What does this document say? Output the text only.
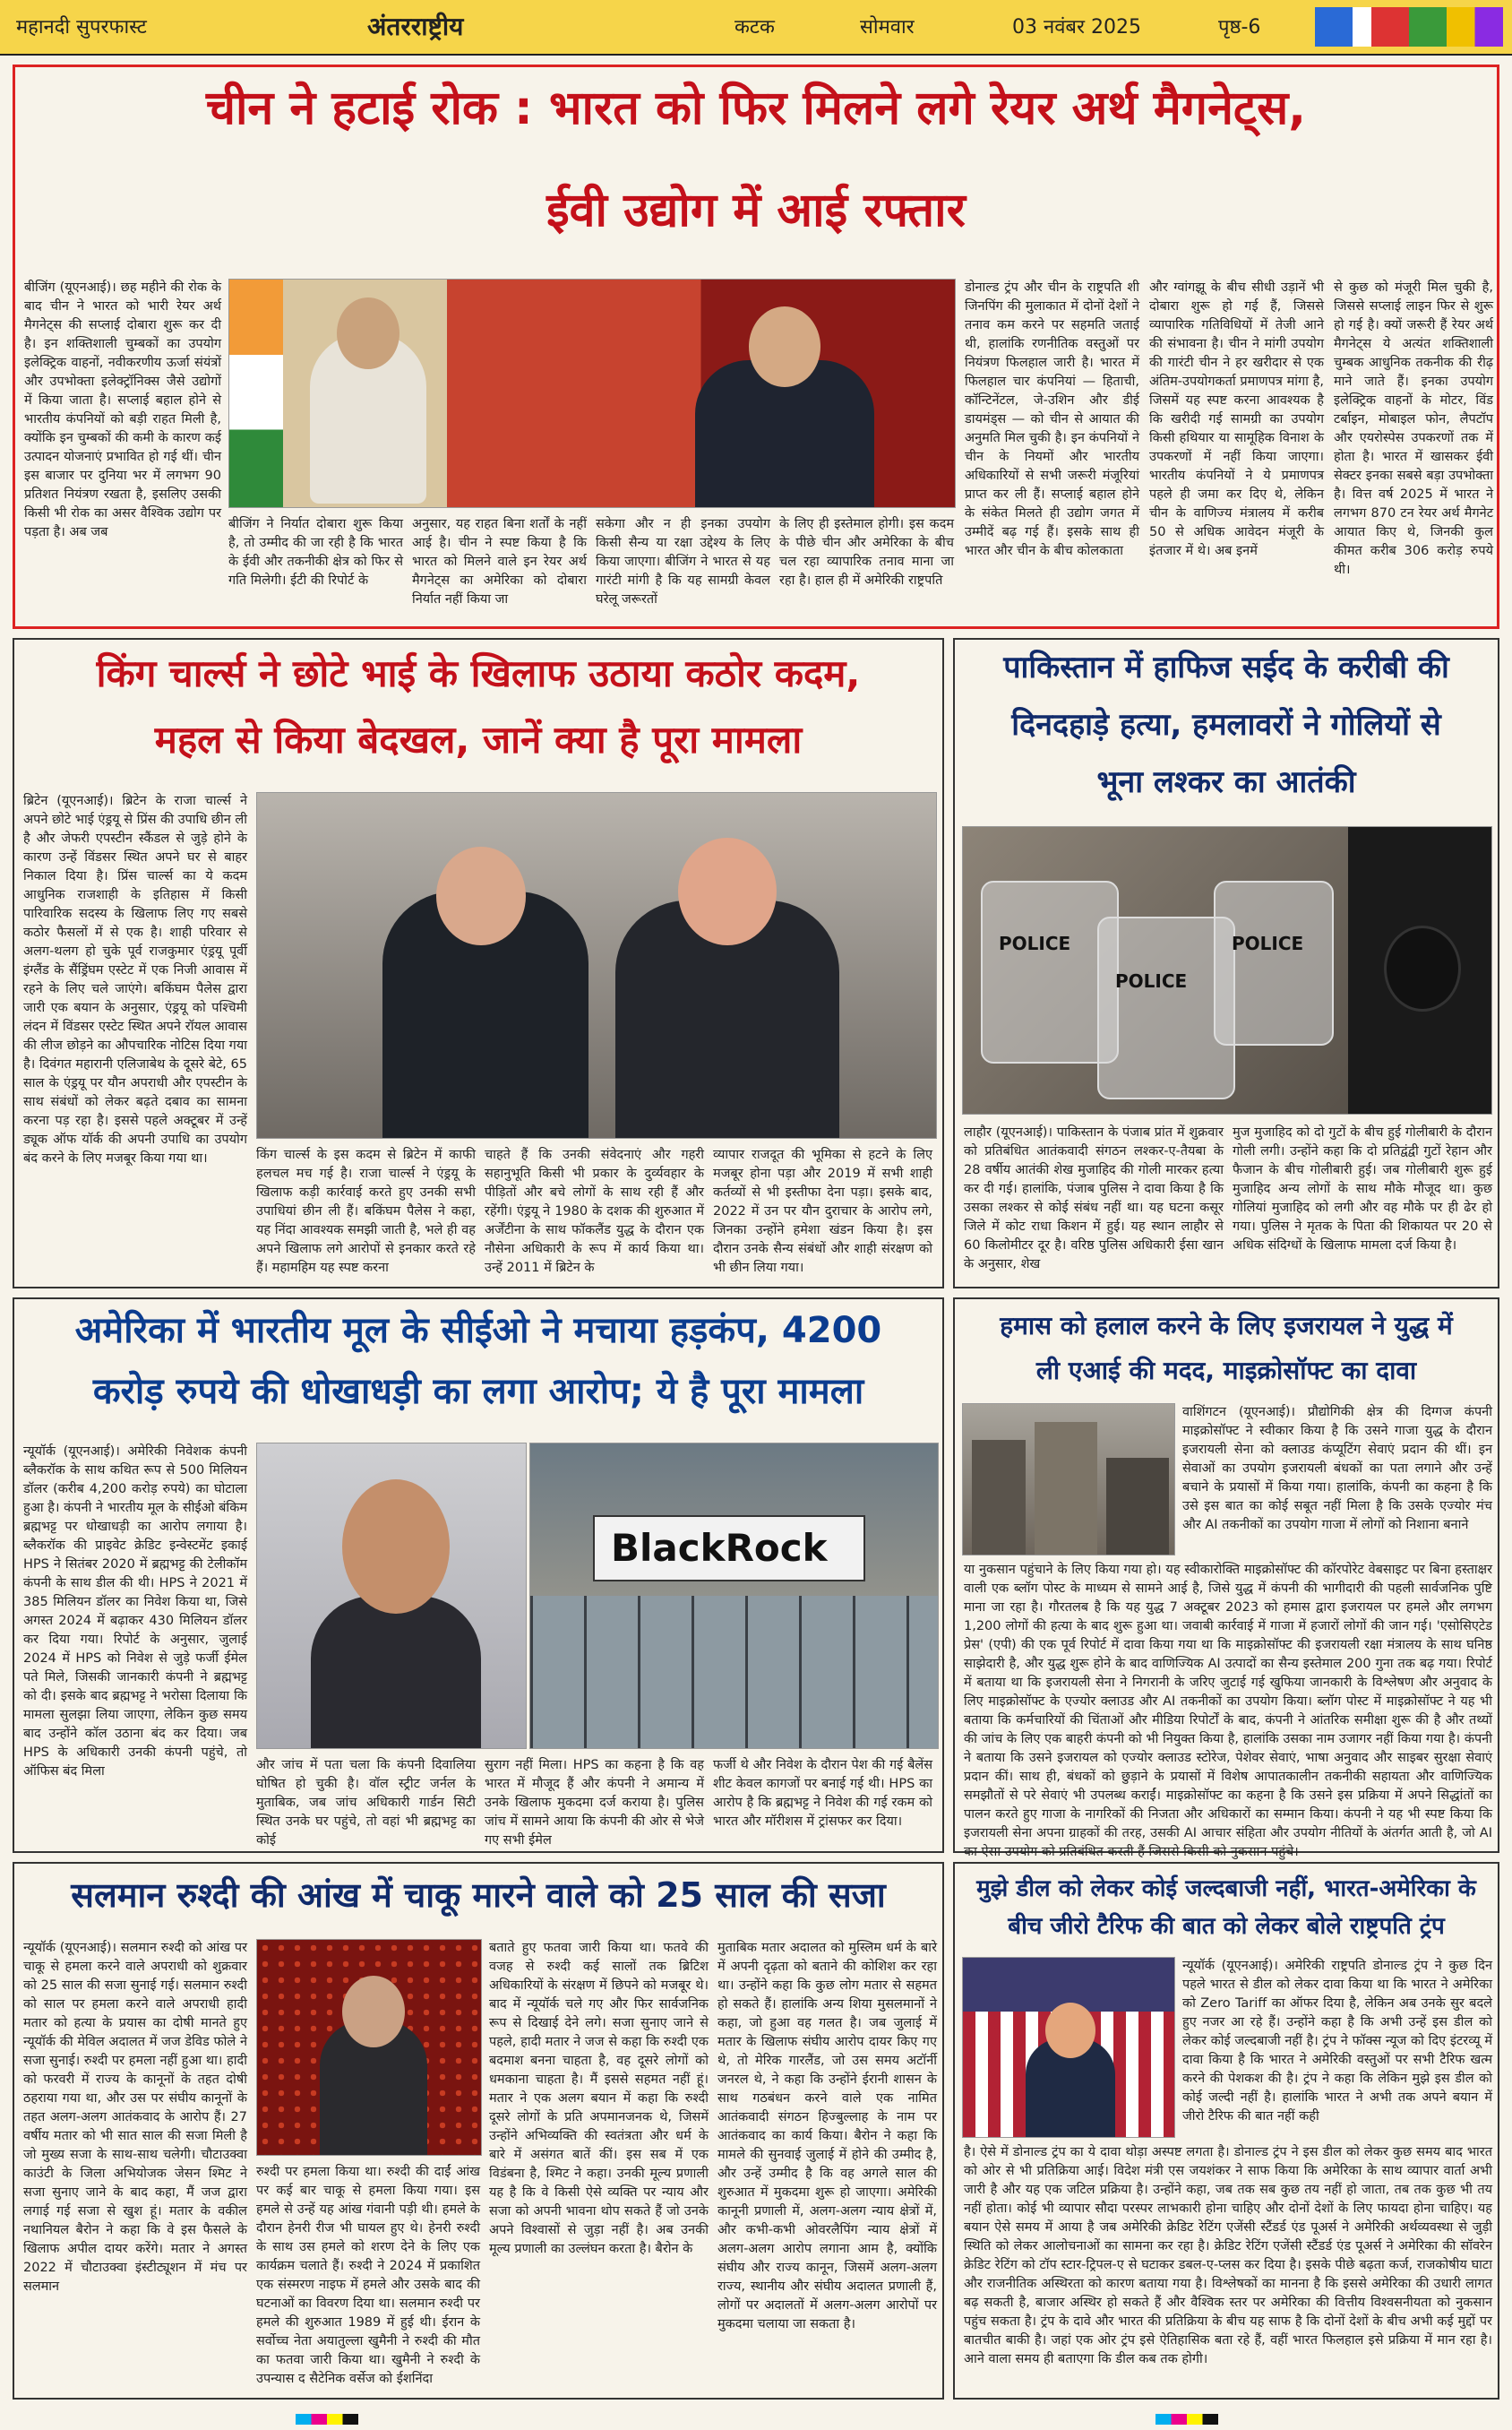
महानदी सुपरफास्ट	अंतरराष्ट्रीय	कटक	सोमवार	03 नवंबर 2025	पृष्ठ-6
चीन ने हटाई रोक : भारत को फिर मिलने लगे रेयर अर्थ मैगनेट्स,
ईवी उद्योग में आई रफ्तार
बीजिंग (यूएनआई)। छह महीने की रोक के बाद चीन ने भारत को भारी रेयर अर्थ मैगनेट्स की सप्लाई दोबारा शुरू कर दी है। इन शक्तिशाली चुम्बकों का उपयोग इलेक्ट्रिक वाहनों, नवीकरणीय ऊर्जा संयंत्रों और उपभोक्ता इलेक्ट्रॉनिक्स जैसे उद्योगों में किया जाता है। सप्लाई बहाल होने से भारतीय कंपनियों को बड़ी राहत मिली है, क्योंकि इन चुम्बकों की कमी के कारण कई उत्पादन योजनाएं प्रभावित हो गई थीं। चीन इस बाजार पर दुनिया भर में लगभग 90 प्रतिशत नियंत्रण रखता है, इसलिए उसकी किसी भी रोक का असर वैश्विक उद्योग पर पड़ता है। अब जब
बीजिंग ने निर्यात दोबारा शुरू किया है, तो उम्मीद की जा रही है कि भारत के ईवी और तकनीकी क्षेत्र को फिर से गति मिलेगी। ईटी की रिपोर्ट के
अनुसार, यह राहत बिना शर्तों के नहीं आई है। चीन ने स्पष्ट किया है कि भारत को मिलने वाले इन रेयर अर्थ मैगनेट्स का अमेरिका को दोबारा निर्यात नहीं किया जा
सकेगा और न ही इनका उपयोग किसी सैन्य या रक्षा उद्देश्य के लिए किया जाएगा। बीजिंग ने भारत से यह गारंटी मांगी है कि यह सामग्री केवल घरेलू जरूरतों
के लिए ही इस्तेमाल होगी। इस कदम के पीछे चीन और अमेरिका के बीच चल रहा व्यापारिक तनाव माना जा रहा है। हाल ही में अमेरिकी राष्ट्रपति
डोनाल्ड ट्रंप और चीन के राष्ट्रपति शी जिनपिंग की मुलाकात में दोनों देशों ने तनाव कम करने पर सहमति जताई थी, हालांकि रणनीतिक वस्तुओं पर नियंत्रण फिलहाल जारी है। भारत में फिलहाल चार कंपनियां — हिताची, कॉन्टिनेंटल, जे-उशिन और डीई डायमंड्स — को चीन से आयात की अनुमति मिल चुकी है। इन कंपनियों ने चीन के नियमों और भारतीय अधिकारियों से सभी जरूरी मंजूरियां प्राप्त कर ली हैं। सप्लाई बहाल होने के संकेत मिलते ही उद्योग जगत में उम्मीदें बढ़ गई हैं। इसके साथ ही भारत और चीन के बीच कोलकाता
और ग्वांगझू के बीच सीधी उड़ानें भी दोबारा शुरू हो गई हैं, जिससे व्यापारिक गतिविधियों में तेजी आने की संभावना है। चीन ने मांगी उपयोग की गारंटी चीन ने हर खरीदार से एक अंतिम-उपयोगकर्ता प्रमाणपत्र मांगा है, जिसमें यह स्पष्ट करना आवश्यक है कि खरीदी गई सामग्री का उपयोग किसी हथियार या सामूहिक विनाश के उपकरणों में नहीं किया जाएगा। भारतीय कंपनियों ने ये प्रमाणपत्र पहले ही जमा कर दिए थे, लेकिन चीन के वाणिज्य मंत्रालय में करीब 50 से अधिक आवेदन मंजूरी के इंतजार में थे। अब इनमें
से कुछ को मंजूरी मिल चुकी है, जिससे सप्लाई लाइन फिर से शुरू हो गई है। क्यों जरूरी हैं रेयर अर्थ मैगनेट्स ये अत्यंत शक्तिशाली चुम्बक आधुनिक तकनीक की रीढ़ माने जाते हैं। इनका उपयोग इलेक्ट्रिक वाहनों के मोटर, विंड टर्बाइन, मोबाइल फोन, लैपटॉप और एयरोस्पेस उपकरणों तक में होता है। भारत में खासकर ईवी सेक्टर इनका सबसे बड़ा उपभोक्ता है। वित्त वर्ष 2025 में भारत ने लगभग 870 टन रेयर अर्थ मैगनेट आयात किए थे, जिनकी कुल कीमत करीब 306 करोड़ रुपये थी।
किंग चार्ल्स ने छोटे भाई के खिलाफ उठाया कठोर कदम,
महल से किया बेदखल, जानें क्या है पूरा मामला
ब्रिटेन (यूएनआई)। ब्रिटेन के राजा चार्ल्स ने अपने छोटे भाई एंड्रयू से प्रिंस की उपाधि छीन ली है और जेफरी एपस्टीन स्कैंडल से जुड़े होने के कारण उन्हें विंडसर स्थित अपने घर से बाहर निकाल दिया है। प्रिंस चार्ल्स का ये कदम आधुनिक राजशाही के इतिहास में किसी पारिवारिक सदस्य के खिलाफ लिए गए सबसे कठोर फैसलों में से एक है। शाही परिवार से अलग-थलग हो चुके पूर्व राजकुमार एंड्रयू पूर्वी इंग्लैंड के सैंड्रिंघम एस्टेट में एक निजी आवास में रहने के लिए चले जाएंगे। बकिंघम पैलेस द्वारा जारी एक बयान के अनुसार, एंड्रयू को पश्चिमी लंदन में विंडसर एस्टेट स्थित अपने रॉयल आवास की लीज छोड़ने का औपचारिक नोटिस दिया गया है। दिवंगत महारानी एलिजाबेथ के दूसरे बेटे, 65 साल के एंड्रयू पर यौन अपराधी और एपस्टीन के साथ संबंधों को लेकर बढ़ते दबाव का सामना करना पड़ रहा है। इससे पहले अक्टूबर में उन्हें ड्यूक ऑफ यॉर्क की अपनी उपाधि का उपयोग बंद करने के लिए मजबूर किया गया था।	किंग चार्ल्स के इस कदम से ब्रिटेन में काफी हलचल मच गई है। राजा चार्ल्स ने एंड्रयू के खिलाफ कड़ी कार्रवाई करते हुए उनकी सभी उपाधियां छीन ली हैं। बकिंघम पैलेस ने कहा, यह निंदा आवश्यक समझी जाती है, भले ही वह अपने खिलाफ लगे आरोपों से इनकार करते रहे हैं। महामहिम यह स्पष्ट करना
चाहते हैं कि उनकी संवेदनाएं और गहरी सहानुभूति किसी भी प्रकार के दुर्व्यवहार के पीड़ितों और बचे लोगों के साथ रही हैं और रहेंगी। एंड्रयू ने 1980 के दशक की शुरुआत में अर्जेंटीना के साथ फॉकलैंड युद्ध के दौरान एक नौसेना अधिकारी के रूप में कार्य किया था। उन्हें 2011 में ब्रिटेन के
व्यापार राजदूत की भूमिका से हटने के लिए मजबूर होना पड़ा और 2019 में सभी शाही कर्तव्यों से भी इस्तीफा देना पड़ा। इसके बाद, 2022 में उन पर यौन दुराचार के आरोप लगे, जिनका उन्होंने हमेशा खंडन किया है। इस दौरान उनके सैन्य संबंधों और शाही संरक्षण को भी छीन लिया गया।
पाकिस्तान में हाफिज सईद के करीबी की
दिनदहाड़े हत्या, हमलावरों ने गोलियों से
भूना लश्कर का आतंकी
POLICE
POLICE
POLICE
लाहौर (यूएनआई)। पाकिस्तान के पंजाब प्रांत में शुक्रवार को प्रतिबंधित आतंकवादी संगठन लश्कर-ए-तैयबा के 28 वर्षीय आतंकी शेख मुजाहिद की गोली मारकर हत्या कर दी गई। हालांकि, पंजाब पुलिस ने दावा किया है कि उसका लश्कर से कोई संबंध नहीं था। यह घटना कसूर जिले में कोट राधा किशन में हुई। यह स्थान लाहौर से 60 किलोमीटर दूर है। वरिष्ठ पुलिस अधिकारी ईसा खान के अनुसार, शेख
मुज मुजाहिद को दो गुटों के बीच हुई गोलीबारी के दौरान गोली लगी। उन्होंने कहा कि दो प्रतिद्वंद्वी गुटों रेहान और फैजान के बीच गोलीबारी हुई। जब गोलीबारी शुरू हुई मुजाहिद अन्य लोगों के साथ मौके मौजूद था। कुछ गोलियां मुजाहिद को लगी और वह मौके पर ही ढेर हो गया। पुलिस ने मृतक के पिता की शिकायत पर 20 से अधिक संदिग्धों के खिलाफ मामला दर्ज किया है।
अमेरिका में भारतीय मूल के सीईओ ने मचाया हड़कंप, 4200
करोड़ रुपये की धोखाधड़ी का लगा आरोप; ये है पूरा मामला
न्यूयॉर्क (यूएनआई)। अमेरिकी निवेशक कंपनी ब्लैकरॉक के साथ कथित रूप से 500 मिलियन डॉलर (करीब 4,200 करोड़ रुपये) का घोटाला हुआ है। कंपनी ने भारतीय मूल के सीईओ बंकिम ब्रह्मभट्ट पर धोखाधड़ी का आरोप लगाया है। ब्लैकरॉक की प्राइवेट क्रेडिट इन्वेस्टमेंट इकाई HPS ने सितंबर 2020 में ब्रह्मभट्ट की टेलीकॉम कंपनी के साथ डील की थी। HPS ने 2021 में 385 मिलियन डॉलर का निवेश किया था, जिसे अगस्त 2024 में बढ़ाकर 430 मिलियन डॉलर कर दिया गया। रिपोर्ट के अनुसार, जुलाई 2024 में HPS को निवेश से जुड़े फर्जी ईमेल पते मिले, जिसकी जानकारी कंपनी ने ब्रह्मभट्ट को दी। इसके बाद ब्रह्मभट्ट ने भरोसा दिलाया कि मामला सुलझा लिया जाएगा, लेकिन कुछ समय बाद उन्होंने कॉल उठाना बंद कर दिया। जब HPS के अधिकारी उनकी कंपनी पहुंचे, तो ऑफिस बंद मिला
BlackRock
और जांच में पता चला कि कंपनी दिवालिया घोषित हो चुकी है। वॉल स्ट्रीट जर्नल के मुताबिक, जब जांच अधिकारी गार्डन सिटी स्थित उनके घर पहुंचे, तो वहां भी ब्रह्मभट्ट का कोई
सुराग नहीं मिला। HPS का कहना है कि वह भारत में मौजूद हैं और कंपनी ने अमान्य में उनके खिलाफ मुकदमा दर्ज कराया है। पुलिस जांच में सामने आया कि कंपनी की ओर से भेजे गए सभी ईमेल
फर्जी थे और निवेश के दौरान पेश की गई बैलेंस शीट केवल कागजों पर बनाई गई थी। HPS का आरोप है कि ब्रह्मभट्ट ने निवेश की गई रकम को भारत और मॉरीशस में ट्रांसफर कर दिया।
हमास को हलाल करने के लिए इजरायल ने युद्ध में
ली एआई की मदद, माइक्रोसॉफ्ट का दावा
वाशिंगटन (यूएनआई)। प्रौद्योगिकी क्षेत्र की दिग्गज कंपनी माइक्रोसॉफ्ट ने स्वीकार किया है कि उसने गाजा युद्ध के दौरान इजरायली सेना को क्लाउड कंप्यूटिंग सेवाएं प्रदान की थीं। इन सेवाओं का उपयोग इजरायली बंधकों का पता लगाने और उन्हें बचाने के प्रयासों में किया गया। हालांकि, कंपनी का कहना है कि उसे इस बात का कोई सबूत नहीं मिला है कि उसके एज्योर मंच और AI तकनीकों का उपयोग गाजा में लोगों को निशाना बनाने
या नुकसान पहुंचाने के लिए किया गया हो। यह स्वीकारोक्ति माइक्रोसॉफ्ट की कॉरपोरेट वेबसाइट पर बिना हस्ताक्षर वाली एक ब्लॉग पोस्ट के माध्यम से सामने आई है, जिसे युद्ध में कंपनी की भागीदारी की पहली सार्वजनिक पुष्टि माना जा रहा है। गौरतलब है कि यह युद्ध 7 अक्टूबर 2023 को हमास द्वारा इजरायल पर हमले और लगभग 1,200 लोगों की हत्या के बाद शुरू हुआ था। जवाबी कार्रवाई में गाजा में हजारों लोगों की जान गई। 'एसोसिएटेड प्रेस' (एपी) की एक पूर्व रिपोर्ट में दावा किया गया था कि माइक्रोसॉफ्ट की इजरायली रक्षा मंत्रालय के साथ घनिष्ठ साझेदारी है, और युद्ध शुरू होने के बाद वाणिज्यिक AI उत्पादों का सैन्य इस्तेमाल 200 गुना तक बढ़ गया। रिपोर्ट में बताया था कि इजरायली सेना ने निगरानी के जरिए जुटाई गई खुफिया जानकारी के विश्लेषण और अनुवाद के लिए माइक्रोसॉफ्ट के एज्योर क्लाउड और AI तकनीकों का उपयोग किया। ब्लॉग पोस्ट में माइक्रोसॉफ्ट ने यह भी बताया कि कर्मचारियों की चिंताओं और मीडिया रिपोर्टों के बाद, कंपनी ने आंतरिक समीक्षा शुरू की है और तथ्यों की जांच के लिए एक बाहरी कंपनी को भी नियुक्त किया है, हालांकि उसका नाम उजागर नहीं किया गया है। कंपनी ने बताया कि उसने इजरायल को एज्योर क्लाउड स्टोरेज, पेशेवर सेवाएं, भाषा अनुवाद और साइबर सुरक्षा सेवाएं प्रदान कीं। साथ ही, बंधकों को छुड़ाने के प्रयासों में विशेष आपातकालीन तकनीकी सहायता और वाणिज्यिक समझौतों से परे सेवाएं भी उपलब्ध कराईं। माइक्रोसॉफ्ट का कहना है कि उसने इस प्रक्रिया में अपने सिद्धांतों का पालन करते हुए गाजा के नागरिकों की निजता और अधिकारों का सम्मान किया। कंपनी ने यह भी स्पष्ट किया कि इजरायली सेना अपना ग्राहकों की तरह, उसकी AI आचार संहिता और उपयोग नीतियों के अंतर्गत आती है, जो AI का ऐसा उपयोग को प्रतिबंधित करती हैं जिससे किसी को नुकसान पहुंचे।
सलमान रुश्दी की आंख में चाकू मारने वाले को 25 साल की सजा
न्यूयॉर्क (यूएनआई)। सलमान रुश्दी को आंख पर चाकू से हमला करने वाले अपराधी को शुक्रवार को 25 साल की सजा सुनाई गई। सलमान रुश्दी को साल पर हमला करने वाले अपराधी हादी मतार को हत्या के प्रयास का दोषी मानते हुए न्यूयॉर्क की मेविल अदालत में जज डेविड फोले ने सजा सुनाई। रुश्दी पर हमला नहीं हुआ था। हादी को फरवरी में राज्य के कानूनों के तहत दोषी ठहराया गया था, और उस पर संघीय कानूनों के तहत अलग-अलग आतंकवाद के आरोप हैं। 27 वर्षीय मतार को भी सात साल की सजा मिली है जो मुख्य सजा के साथ-साथ चलेगी। चौटाउक्वा काउंटी के जिला अभियोजक जेसन श्मिट ने सजा सुनाए जाने के बाद कहा, मैं जज द्वारा लगाई गई सजा से खुश हूं। मतार के वकील नथानियल बैरोन ने कहा कि वे इस फैसले के खिलाफ अपील दायर करेंगे। मतार ने अगस्त 2022 में चौटाउक्वा इंस्टीट्यूशन में मंच पर सलमान
रुश्दी पर हमला किया था। रुश्दी की दाईं आंख पर कई बार चाकू से हमला किया गया। इस हमले से उन्हें यह आंख गंवानी पड़ी थी। हमले के दौरान हेनरी रीज भी घायल हुए थे। हेनरी रुश्दी के साथ उस हमले को शरण देने के लिए एक कार्यक्रम चलाते हैं। रुश्दी ने 2024 में प्रकाशित एक संस्मरण नाइफ में हमले और उसके बाद की घटनाओं का विवरण दिया था। सलमान रुश्दी पर हमले की शुरुआत 1989 में हुई थी। ईरान के सर्वोच्च नेता अयातुल्ला खुमैनी ने रुश्दी की मौत का फतवा जारी किया था। खुमैनी ने रुश्दी के उपन्यास द सैटेनिक वर्सेज को ईशनिंदा
बताते हुए फतवा जारी किया था। फतवे की वजह से रुश्दी कई सालों तक ब्रिटिश अधिकारियों के संरक्षण में छिपने को मजबूर थे। बाद में न्यूयॉर्क चले गए और फिर सार्वजनिक रूप से दिखाई देने लगे। सजा सुनाए जाने से पहले, हादी मतार ने जज से कहा कि रुश्दी एक बदमाश बनना चाहता है, वह दूसरे लोगों को धमकाना चाहता है। मैं इससे सहमत नहीं हूं। मतार ने एक अलग बयान में कहा कि रुश्दी दूसरे लोगों के प्रति अपमानजनक थे, जिसमें उन्होंने अभिव्यक्ति की स्वतंत्रता और धर्म के बारे में असंगत बातें कीं। इस सब में एक विडंबना है, श्मिट ने कहा। उनकी मूल्य प्रणाली यह है कि वे किसी ऐसे व्यक्ति पर न्याय और सजा को अपनी भावना थोप सकते हैं जो उनके अपने विश्वासों से जुड़ा नहीं है। अब उनकी मूल्य प्रणाली का उल्लंघन करता है। बैरोन के
मुताबिक मतार अदालत को मुस्लिम धर्म के बारे में अपनी दृढ़ता को बताने की कोशिश कर रहा था। उन्होंने कहा कि कुछ लोग मतार से सहमत हो सकते हैं। हालांकि अन्य शिया मुसलमानों ने कहा, जो हुआ वह गलत है। जब जुलाई में मतार के खिलाफ संघीय आरोप दायर किए गए थे, तो मेरिक गारलैंड, जो उस समय अटॉर्नी जनरल थे, ने कहा कि उन्होंने ईरानी शासन के साथ गठबंधन करने वाले एक नामित आतंकवादी संगठन हिज्बुल्लाह के नाम पर आतंकवाद का कार्य किया। बैरोन ने कहा कि मामले की सुनवाई जुलाई में होने की उम्मीद है, और उन्हें उम्मीद है कि वह अगले साल की शुरुआत में मुकदमा शुरू हो जाएगा। अमेरिकी कानूनी प्रणाली में, अलग-अलग न्याय क्षेत्रों में, और कभी-कभी ओवरलैपिंग न्याय क्षेत्रों में अलग-अलग आरोप लगाना आम है, क्योंकि संघीय और राज्य कानून, जिसमें अलग-अलग राज्य, स्थानीय और संघीय अदालत प्रणाली हैं, लोगों पर अदालतों में अलग-अलग आरोपों पर मुकदमा चलाया जा सकता है।
मुझे डील को लेकर कोई जल्दबाजी नहीं, भारत-अमेरिका के
बीच जीरो टैरिफ की बात को लेकर बोले राष्ट्रपति ट्रंप
न्यूयॉर्क (यूएनआई)। अमेरिकी राष्ट्रपति डोनाल्ड ट्रंप ने कुछ दिन पहले भारत से डील को लेकर दावा किया था कि भारत ने अमेरिका को Zero Tariff का ऑफर दिया है, लेकिन अब उनके सुर बदले हुए नजर आ रहे हैं। उन्होंने कहा है कि अभी उन्हें इस डील को लेकर कोई जल्दबाजी नहीं है। ट्रंप ने फॉक्स न्यूज को दिए इंटरव्यू में दावा किया है कि भारत ने अमेरिकी वस्तुओं पर सभी टैरिफ खत्म करने की पेशकश की है। ट्रंप ने कहा कि लेकिन मुझे इस डील को कोई जल्दी नहीं है। हालांकि भारत ने अभी तक अपने बयान में जीरो टैरिफ की बात नहीं कही
है। ऐसे में डोनाल्ड ट्रंप का ये दावा थोड़ा अस्पष्ट लगता है। डोनाल्ड ट्रंप ने इस डील को लेकर कुछ समय बाद भारत को ओर से भी प्रतिक्रिया आई। विदेश मंत्री एस जयशंकर ने साफ किया कि अमेरिका के साथ व्यापार वार्ता अभी जारी है और यह एक जटिल प्रक्रिया है। उन्होंने कहा, जब तक सब कुछ तय नहीं हो जाता, तब तक कुछ भी तय नहीं होता। कोई भी व्यापार सौदा परस्पर लाभकारी होना चाहिए और दोनों देशों के लिए फायदा होना चाहिए। यह बयान ऐसे समय में आया है जब अमेरिकी क्रेडिट रेटिंग एजेंसी स्टैंडर्ड एंड पूअर्स ने अमेरिकी अर्थव्यवस्था से जुड़ी स्थिति को लेकर आलोचनाओं का सामना कर रहा है। क्रेडिट रेटिंग एजेंसी स्टैंडर्ड एंड पूअर्स ने अमेरिका की सॉवरेन क्रेडिट रेटिंग को टॉप स्टार-ट्रिपल-ए से घटाकर डबल-ए-प्लस कर दिया है। इसके पीछे बढ़ता कर्ज, राजकोषीय घाटा और राजनीतिक अस्थिरता को कारण बताया गया है। विश्लेषकों का मानना है कि इससे अमेरिका की उधारी लागत बढ़ सकती है, बाजार अस्थिर हो सकते हैं और वैश्विक स्तर पर अमेरिका की वित्तीय विश्वसनीयता को नुकसान पहुंच सकता है। ट्रंप के दावे और भारत की प्रतिक्रिया के बीच यह साफ है कि दोनों देशों के बीच अभी कई मुद्दों पर बातचीत बाकी है। जहां एक ओर ट्रंप इसे ऐतिहासिक बता रहे हैं, वहीं भारत फिलहाल इसे प्रक्रिया में मान रहा है। आने वाला समय ही बताएगा कि डील कब तक होगी।
